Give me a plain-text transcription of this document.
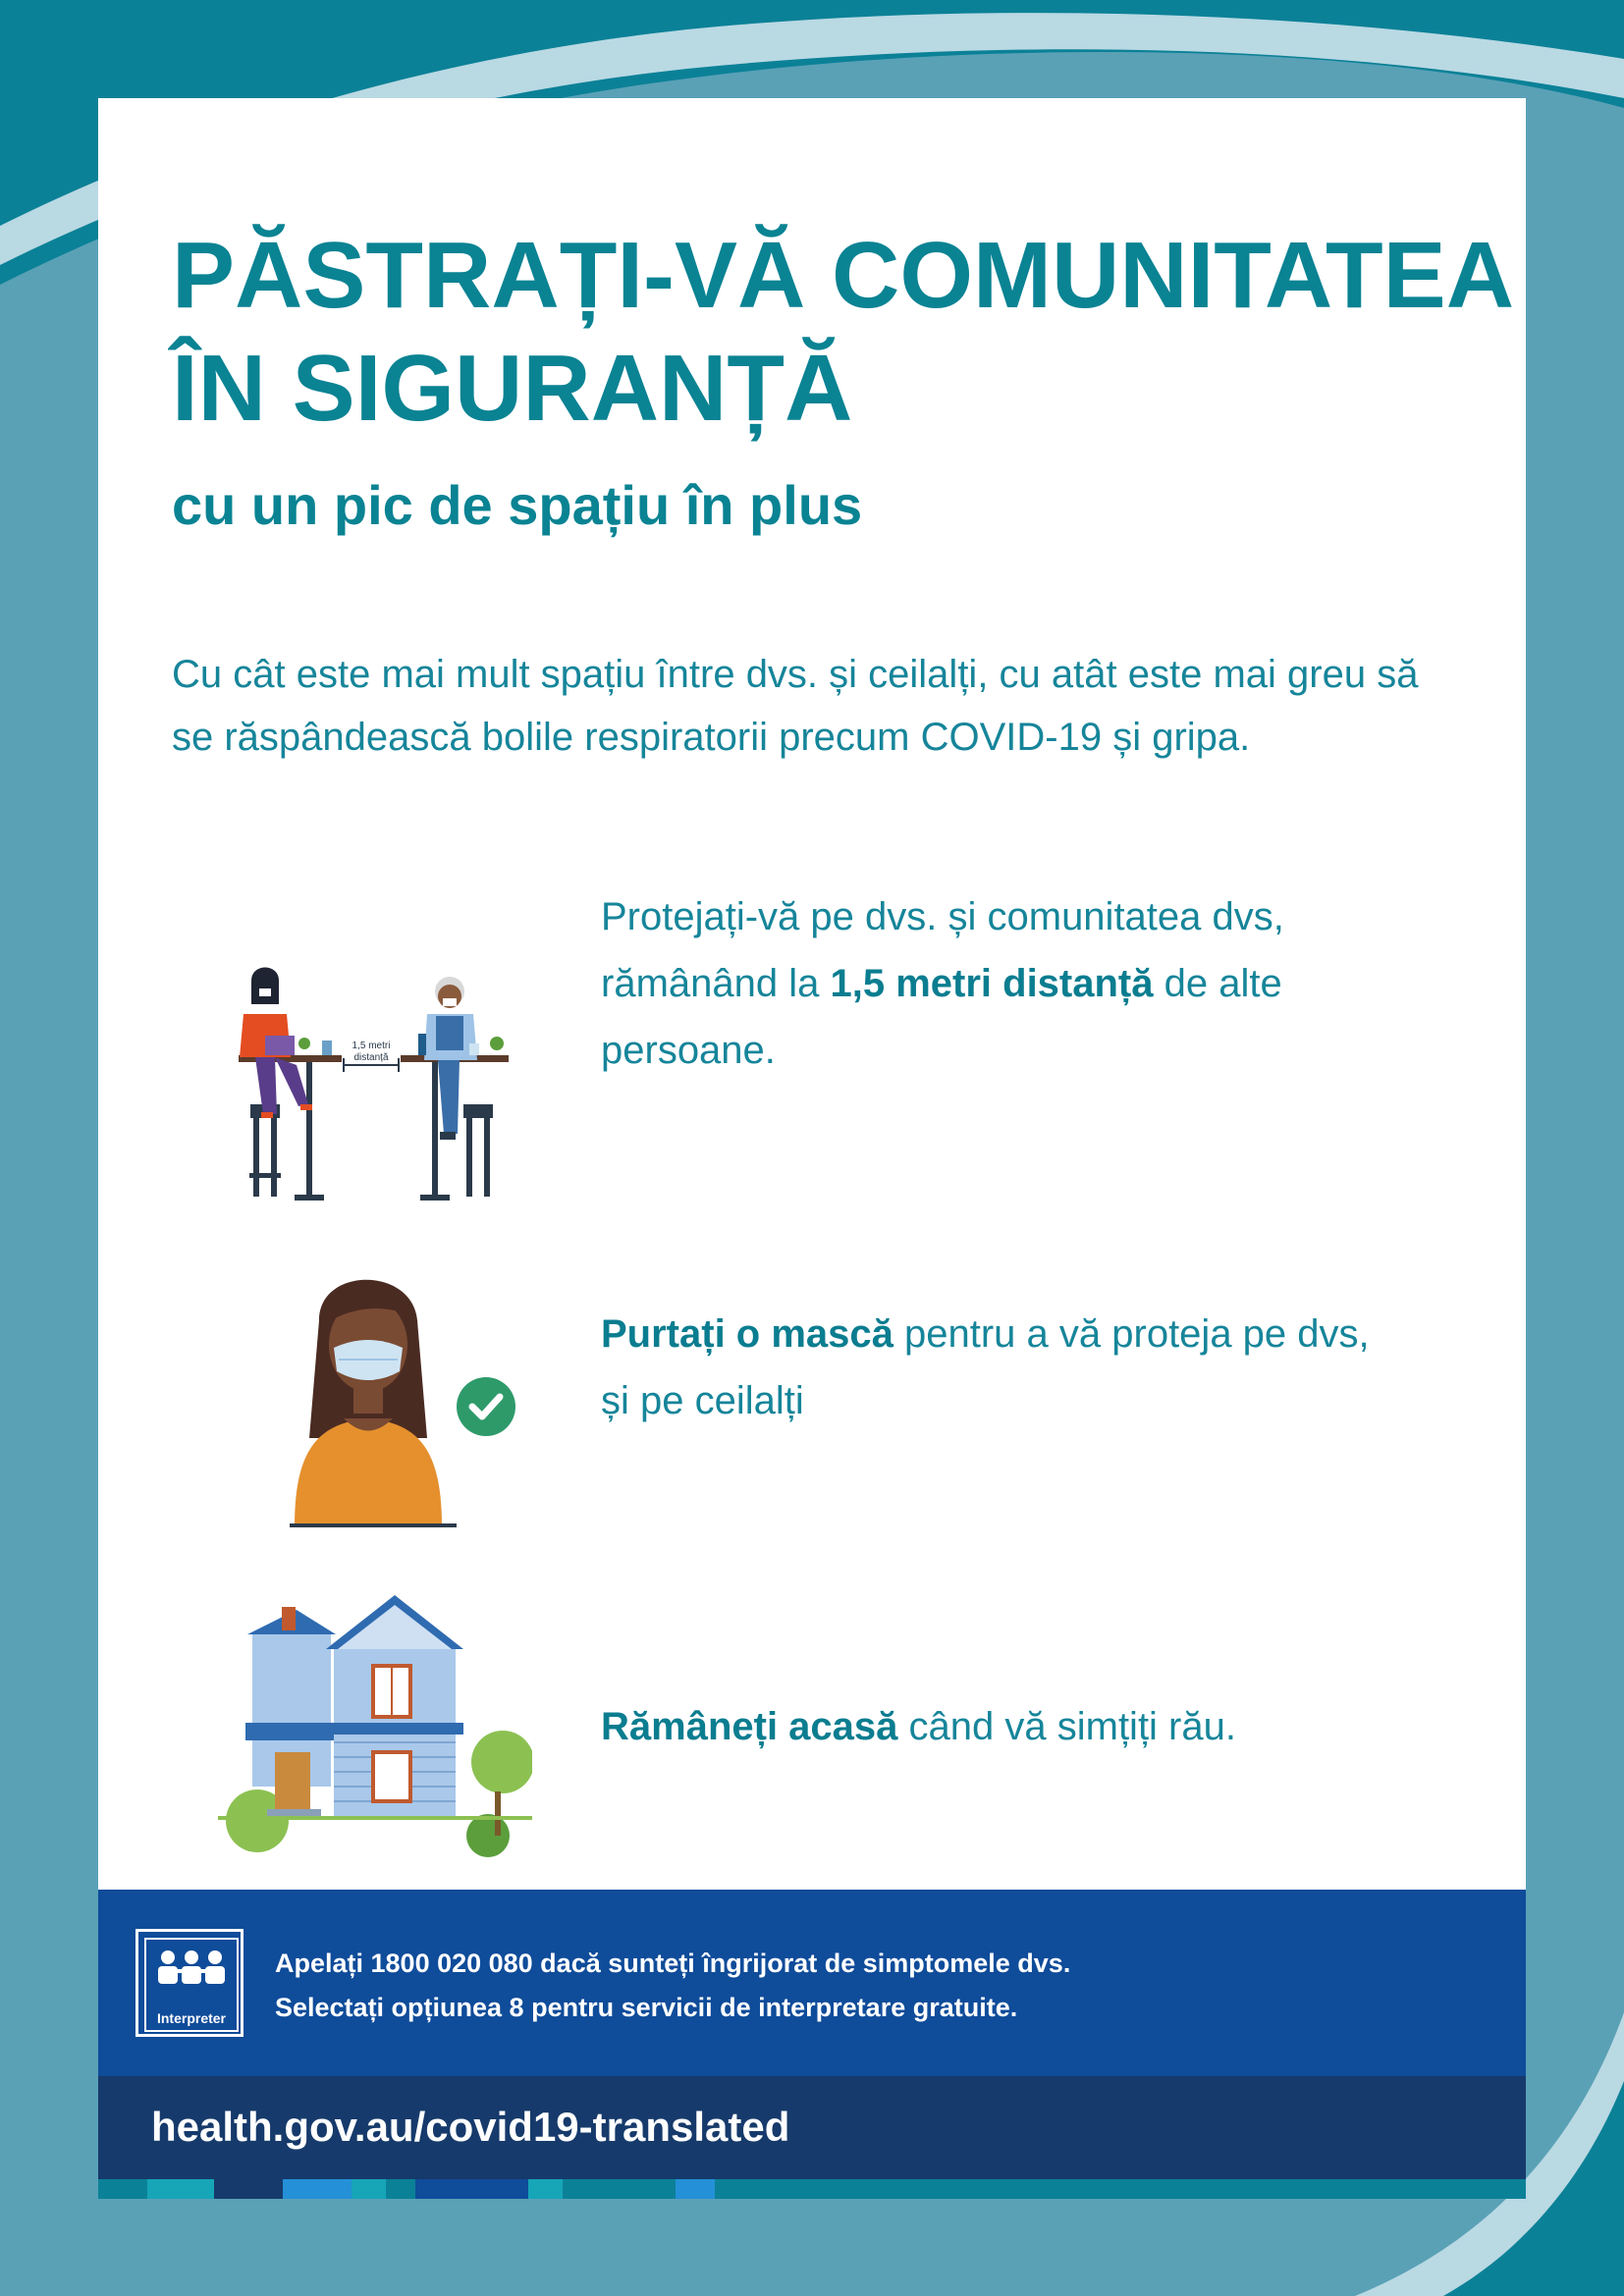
PĂSTRAȚI-VĂ COMUNITATEA
ÎN SIGURANȚĂ
cu un pic de spațiu în plus

Cu cât este mai mult spațiu între dvs. și ceilalți, cu atât este mai greu să se răspândească bolile respiratorii precum COVID-19 și gripa.

1,5 metri
distanță

Protejați-vă pe dvs. și comunitatea dvs, rămânând la 1,5 metri distanță de alte persoane.

Purtați o mască pentru a vă proteja pe dvs, și pe ceilalți

Rămâneți acasă când vă simțiți rău.

Interpreter

Apelați 1800 020 080 dacă sunteți îngrijorat de simptomele dvs.

Selectați opțiunea 8 pentru servicii de interpretare gratuite.

health.gov.au/covid19-translated
